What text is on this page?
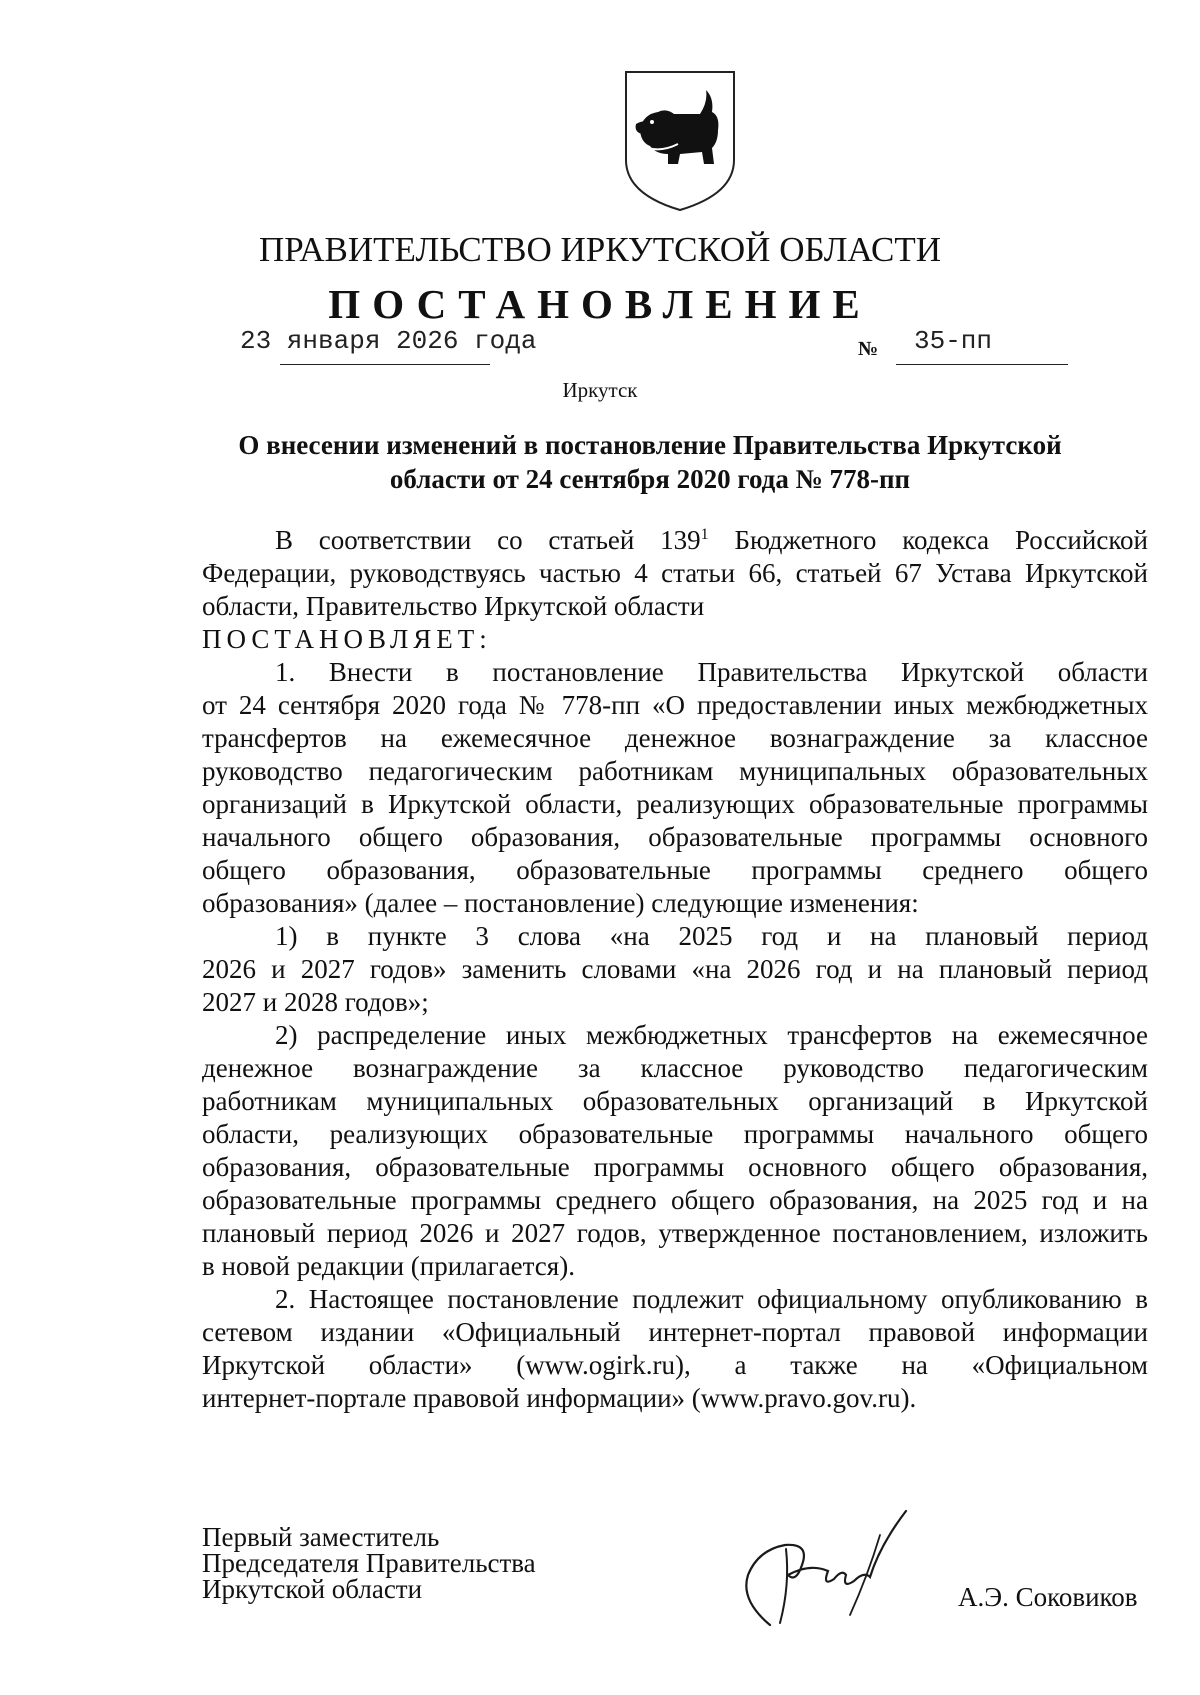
ПРАВИТЕЛЬСТВО ИРКУТСКОЙ ОБЛАСТИ
ПОСТАНОВЛЕНИЕ
23 января 2026 года	№ 35-пп
Иркутск
О внесении изменений в постановление Правительства Иркутской
области от 24 сентября 2020 года № 778-пп

В соответствии со статьей $139^1$ Бюджетного кодекса Российской
Федерации, руководствуясь частью 4 статьи 66, статьей 67 Устава Иркутской
области, Правительство Иркутской области
ПОСТАНОВЛЯЕТ:

1. Внести в постановление Правительства Иркутской области
от 24 сентября 2020 года № 778-пп «О предоставлении иных межбюджетных
трансфертов на ежемесячное денежное вознаграждение за классное
руководство педагогическим работникам муниципальных образовательных
организаций в Иркутской области, реализующих образовательные программы
начального общего образования, образовательные программы основного
общего образования, образовательные программы среднего общего
образования» (далее – постановление) следующие изменения:

1) в пункте 3 слова «на 2025 год и на плановый период
2026 и 2027 годов» заменить словами «на 2026 год и на плановый период
2027 и 2028 годов»;

2) распределение иных межбюджетных трансфертов на ежемесячное
денежное вознаграждение за классное руководство педагогическим
работникам муниципальных образовательных организаций в Иркутской
области, реализующих образовательные программы начального общего
образования, образовательные программы основного общего образования,
образовательные программы среднего общего образования, на 2025 год и на
плановый период 2026 и 2027 годов, утвержденное постановлением, изложить
в новой редакции (прилагается).

2. Настоящее постановление подлежит официальному опубликованию в
сетевом издании «Официальный интернет-портал правовой информации
Иркутской области» (www.ogirk.ru), а также на «Официальном
интернет-портале правовой информации» (www.pravo.gov.ru).

Первый заместитель
Председателя Правительства
Иркутской области	А.Э. Соковиков
